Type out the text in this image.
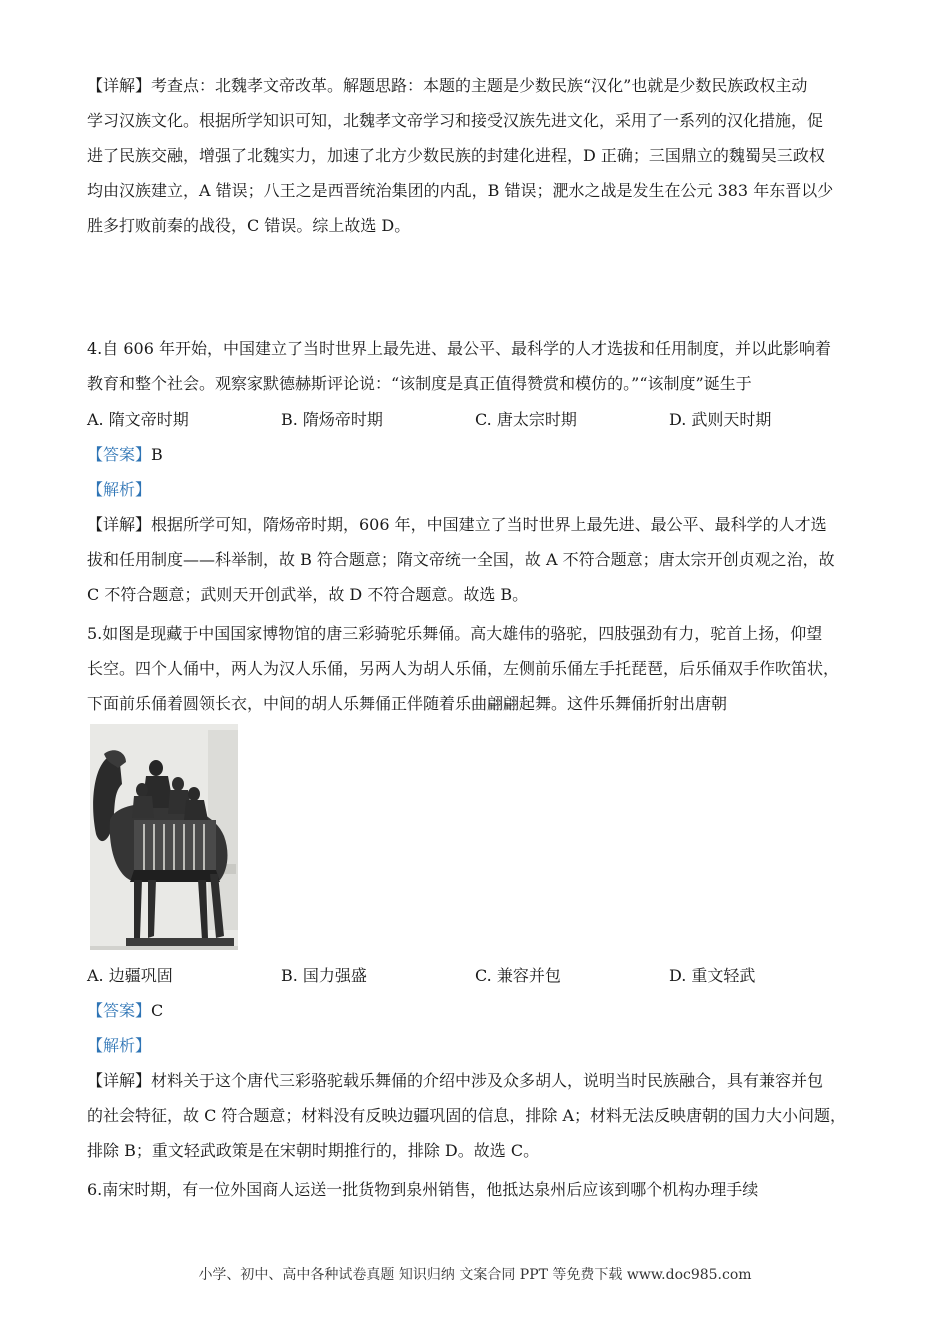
【详解】考查点：北魏孝文帝改革。解题思路：本题的主题是少数民族“汉化”也就是少数民族政权主动
学习汉族文化。根据所学知识可知，北魏孝文帝学习和接受汉族先进文化，采用了一系列的汉化措施，促
进了民族交融，增强了北魏实力，加速了北方少数民族的封建化进程，D 正确；三国鼎立的魏蜀吴三政权
均由汉族建立，A 错误；八王之是西晋统治集团的内乱，B 错误；淝水之战是发生在公元 383 年东晋以少
胜多打败前秦的战役，C 错误。综上故选 D。
4.自 606 年开始，中国建立了当时世界上最先进、最公平、最科学的人才选拔和任用制度，并以此影响着
教育和整个社会。观察家默德赫斯评论说：“该制度是真正值得赞赏和模仿的。”“该制度”诞生于
A. 隋文帝时期	B. 隋炀帝时期	C. 唐太宗时期	D. 武则天时期
【答案】B
【解析】
【详解】根据所学可知，隋炀帝时期，606 年，中国建立了当时世界上最先进、最公平、最科学的人才选
拔和任用制度——科举制，故 B 符合题意；隋文帝统一全国，故 A 不符合题意；唐太宗开创贞观之治，故
C 不符合题意；武则天开创武举，故 D 不符合题意。故选 B。
5.如图是现藏于中国国家博物馆的唐三彩骑驼乐舞俑。高大雄伟的骆驼，四肢强劲有力，驼首上扬，仰望
长空。四个人俑中，两人为汉人乐俑，另两人为胡人乐俑，左侧前乐俑左手托琵琶，后乐俑双手作吹笛状，
下面前乐俑着圆领长衣，中间的胡人乐舞俑正伴随着乐曲翩翩起舞。这件乐舞俑折射出唐朝
A. 边疆巩固	B. 国力强盛	C. 兼容并包	D. 重文轻武
【答案】C
【解析】
【详解】材料关于这个唐代三彩骆驼载乐舞俑的介绍中涉及众多胡人，说明当时民族融合，具有兼容并包
的社会特征，故 C 符合题意；材料没有反映边疆巩固的信息，排除 A；材料无法反映唐朝的国力大小问题，
排除 B；重文轻武政策是在宋朝时期推行的，排除 D。故选 C。
6.南宋时期，有一位外国商人运送一批货物到泉州销售，他抵达泉州后应该到哪个机构办理手续
小学、初中、高中各种试卷真题 知识归纳 文案合同 PPT 等免费下载 www.doc985.com
